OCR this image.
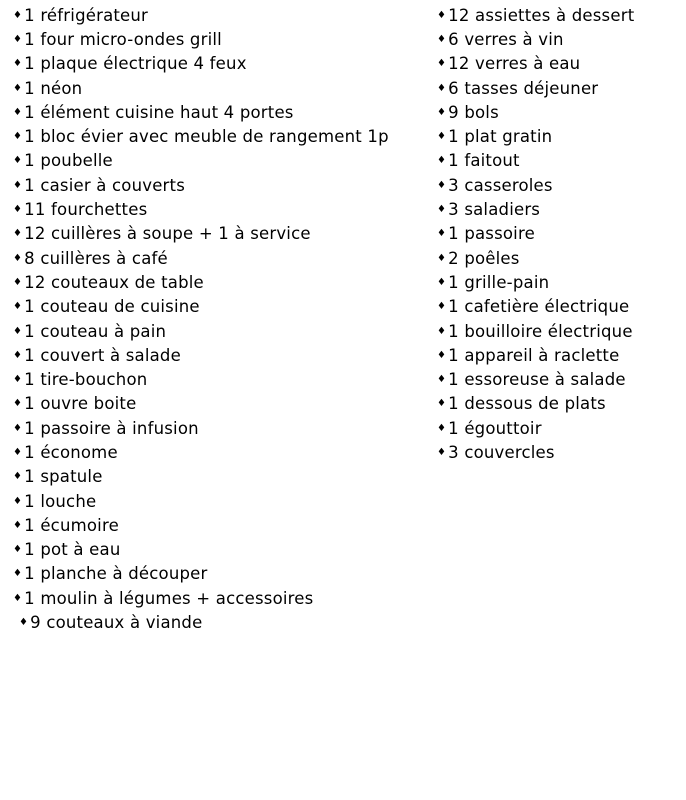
♦ 1 réfrigérateur
♦ 1 four micro-ondes grill
♦ 1 plaque électrique 4 feux
♦ 1 néon
♦ 1 élément cuisine haut 4 portes
♦ 1 bloc évier avec meuble de rangement 1p
♦ 1 poubelle
♦ 1 casier à couverts
♦ 11 fourchettes
♦ 12 cuillères à soupe + 1 à service
♦ 8 cuillères à café
♦ 12 couteaux de table
♦ 1 couteau de cuisine
♦ 1 couteau à pain
♦ 1 couvert à salade
♦ 1 tire-bouchon
♦ 1 ouvre boite
♦ 1 passoire à infusion
♦ 1 économe
♦ 1 spatule
♦ 1 louche
♦ 1 écumoire
♦ 1 pot à eau
♦ 1 planche à découper
♦ 1 moulin à légumes + accessoires
♦ 9 couteaux à viande
♦ 12 assiettes à dessert
♦ 6 verres à vin
♦ 12 verres à eau
♦ 6 tasses déjeuner
♦ 9 bols
♦ 1 plat gratin
♦ 1 faitout
♦ 3 casseroles
♦ 3 saladiers
♦ 1 passoire
♦ 2 poêles
♦ 1 grille-pain
♦ 1 cafetière électrique
♦ 1 bouilloire électrique
♦ 1 appareil à raclette
♦ 1 essoreuse à salade
♦ 1 dessous de plats
♦ 1 égouttoir
♦ 3 couvercles
